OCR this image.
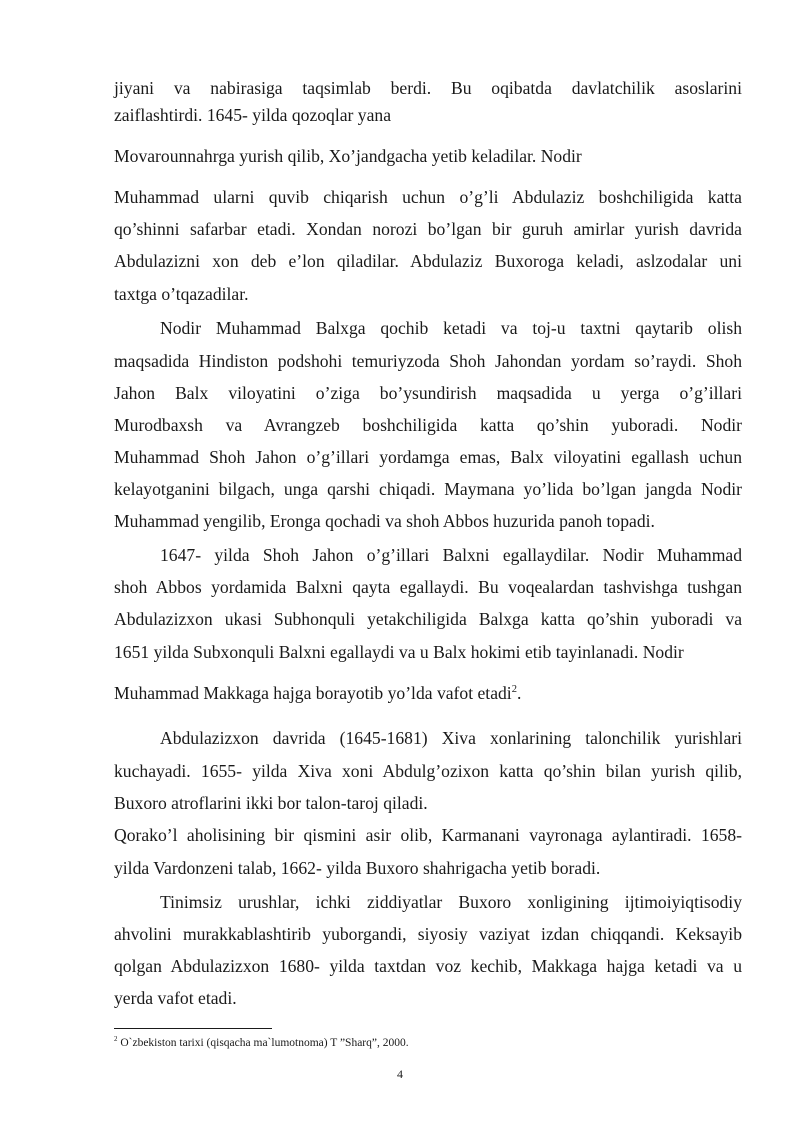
jiyani va nabirasiga taqsimlab berdi. Bu oqibatda davlatchilik asoslarini
zaiflashtirdi. 1645- yilda qozoqlar yana
Movarounnahrga yurish qilib, Xo’jandgacha yetib keladilar. Nodir
Muhammad ularni quvib chiqarish uchun o’g’li Abdulaziz boshchiligida katta
qo’shinni safarbar etadi. Xondan norozi bo’lgan bir guruh amirlar yurish davrida
Abdulazizni xon deb e’lon qiladilar. Abdulaziz Buxoroga keladi, aslzodalar uni
taxtga o’tqazadilar.
Nodir Muhammad Balxga qochib ketadi va toj-u taxtni qaytarib olish
maqsadida Hindiston podshohi temuriyzoda Shoh Jahondan yordam so’raydi. Shoh
Jahon Balx viloyatini o’ziga bo’ysundirish maqsadida u yerga o’g’illari
Murodbaxsh va Avrangzeb boshchiligida katta qo’shin yuboradi. Nodir
Muhammad Shoh Jahon o’g’illari yordamga emas, Balx viloyatini egallash uchun
kelayotganini bilgach, unga qarshi chiqadi. Maymana yo’lida bo’lgan jangda Nodir
Muhammad yengilib, Eronga qochadi va shoh Abbos huzurida panoh topadi.
1647- yilda Shoh Jahon o’g’illari Balxni egallaydilar. Nodir Muhammad
shoh Abbos yordamida Balxni qayta egallaydi. Bu voqealardan tashvishga tushgan
Abdulazizxon ukasi Subhonquli yetakchiligida Balxga katta qo’shin yuboradi va
1651 yilda Subxonquli Balxni egallaydi va u Balx hokimi etib tayinlanadi. Nodir
Muhammad Makkaga hajga borayotib yo’lda vafot etadi$^2$.
Abdulazizxon davrida (1645-1681) Xiva xonlarining talonchilik yurishlari
kuchayadi. 1655- yilda Xiva xoni Abdulg’ozixon katta qo’shin bilan yurish qilib,
Buxoro atroflarini ikki bor talon-taroj qiladi.
Qorako’l aholisining bir qismini asir olib, Karmanani vayronaga aylantiradi. 1658-
yilda Vardonzeni talab, 1662- yilda Buxoro shahrigacha yetib boradi.
Tinimsiz urushlar, ichki ziddiyatlar Buxoro xonligining ijtimoiyiqtisodiy
ahvolini murakkablashtirib yuborgandi, siyosiy vaziyat izdan chiqqandi. Keksayib
qolgan Abdulazizxon 1680- yilda taxtdan voz kechib, Makkaga hajga ketadi va u
yerda vafot etadi.
$^2$ O`zbekiston tarixi (qisqacha ma`lumotnoma) T ”Sharq”, 2000.
4
